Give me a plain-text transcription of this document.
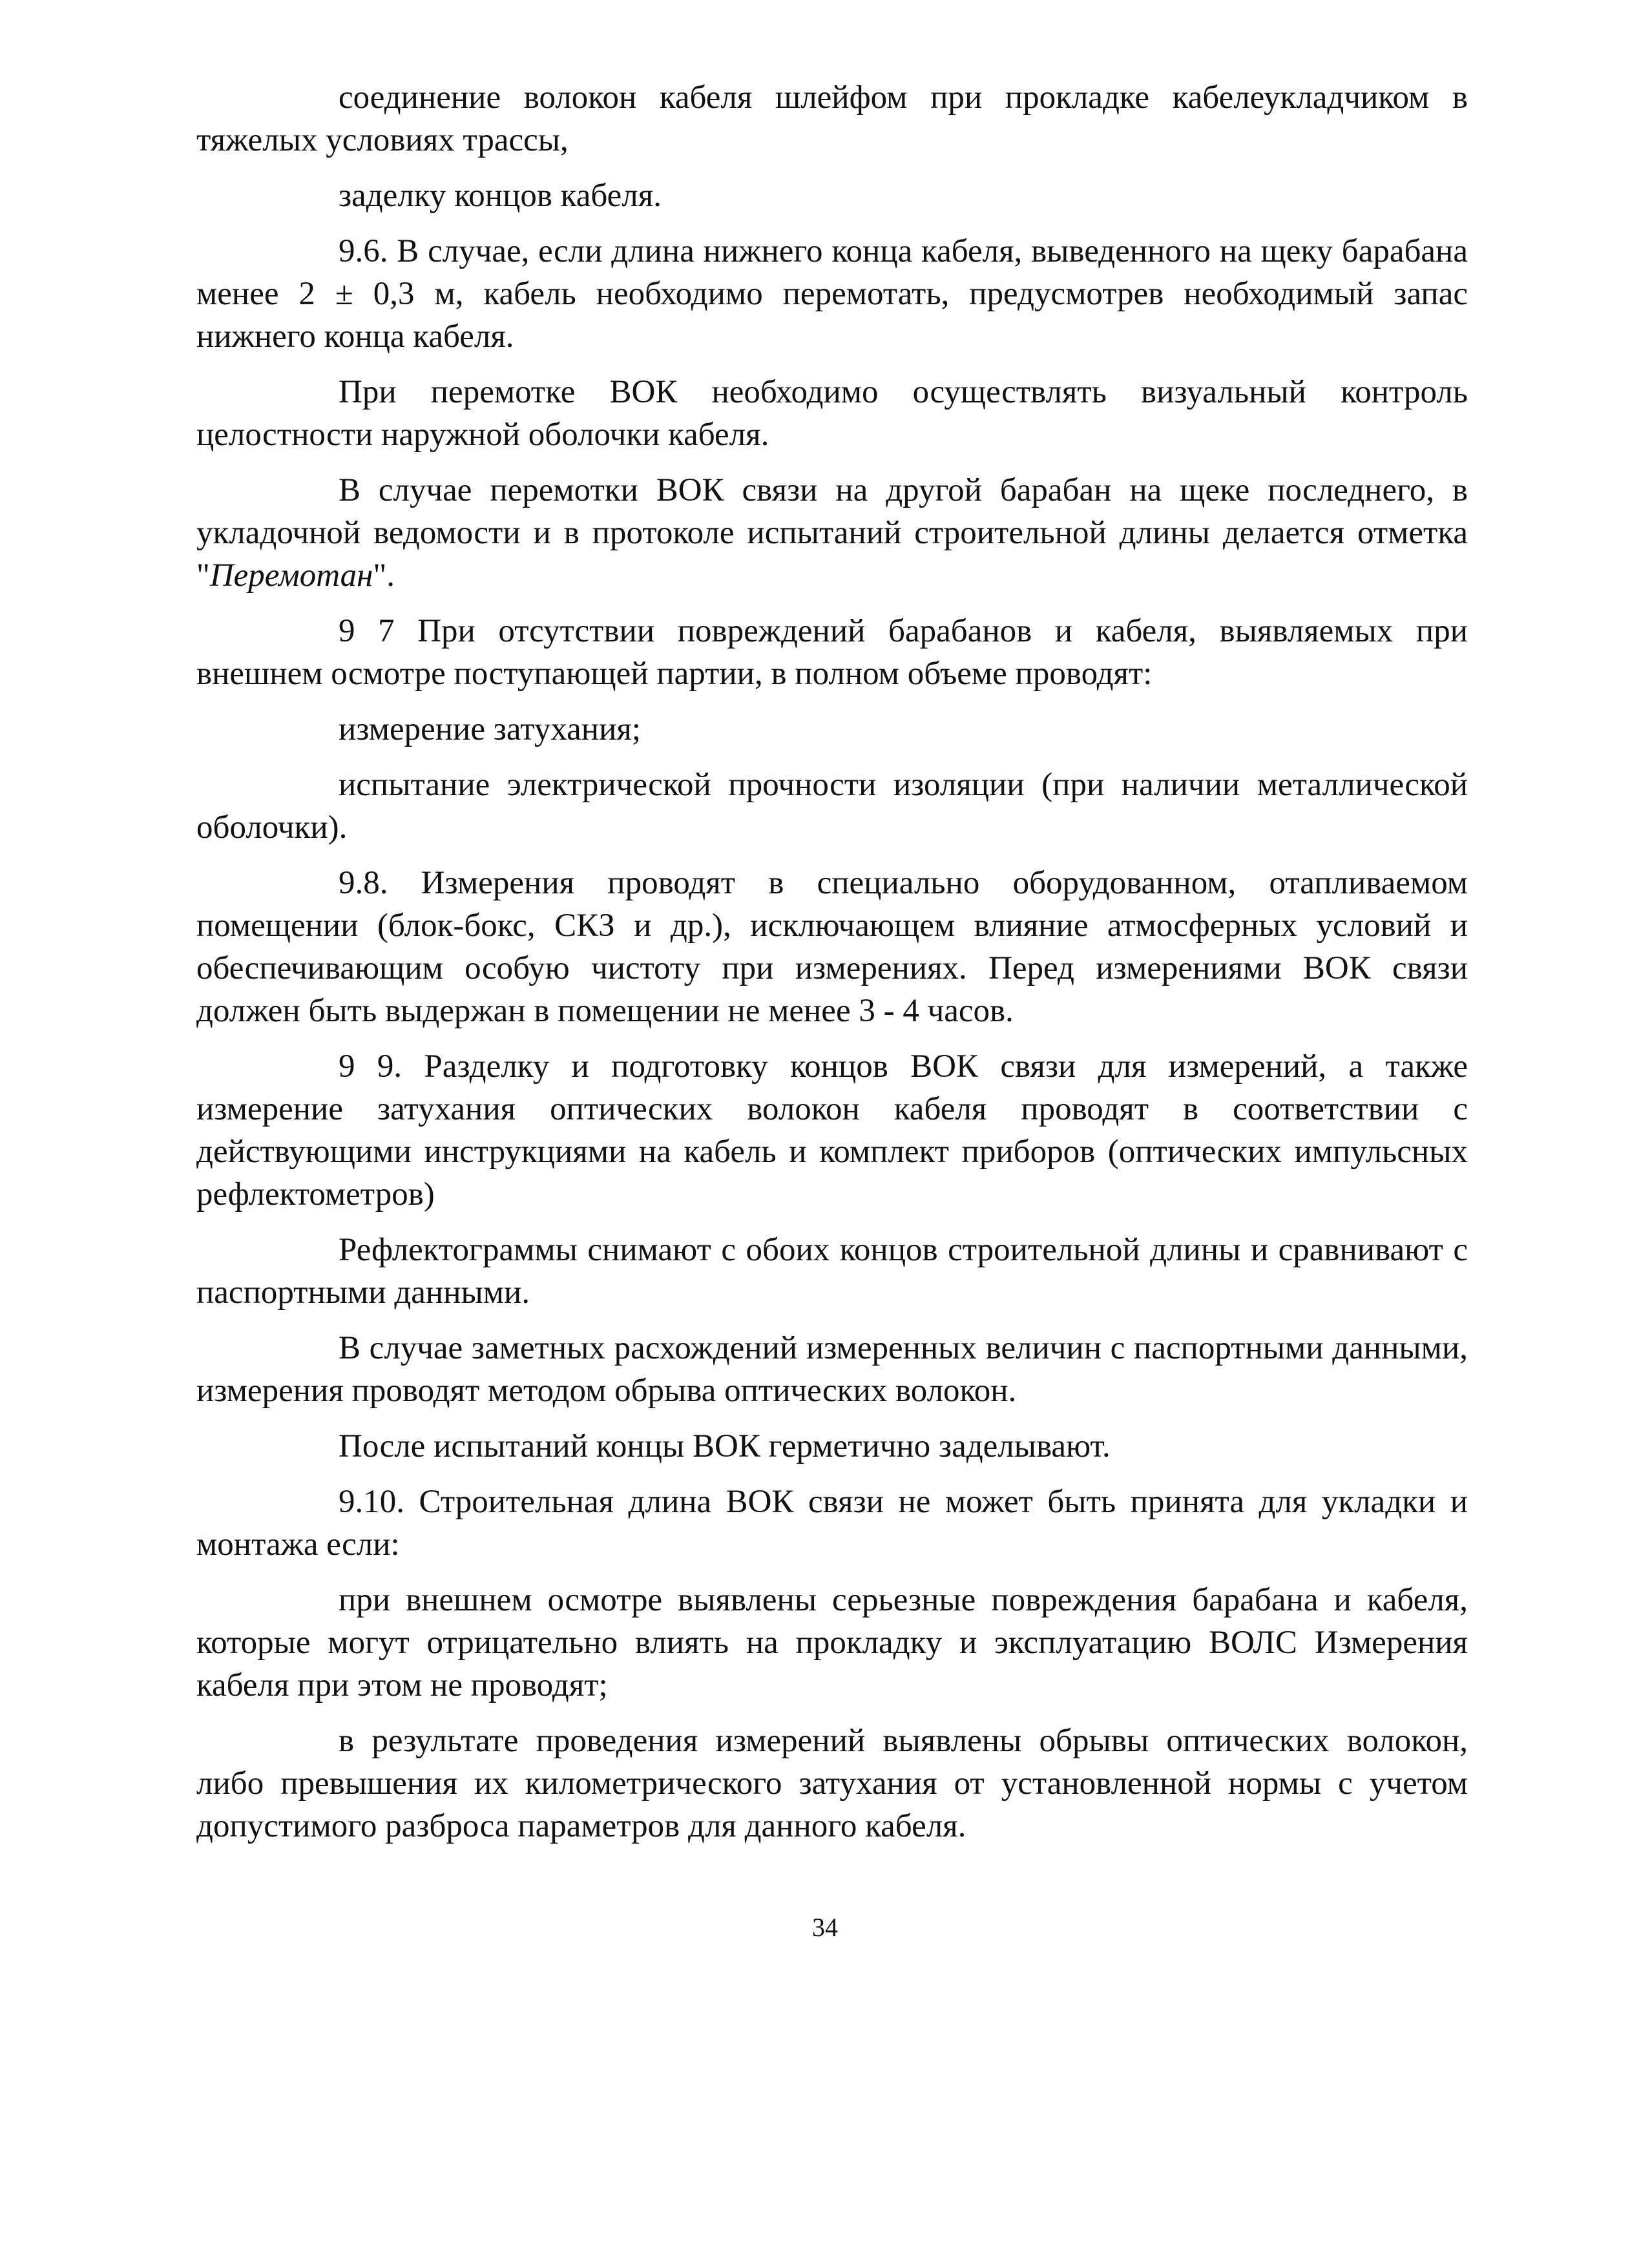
соединение волокон кабеля шлейфом при прокладке кабелеукладчиком в тяжелых условиях трассы,

заделку концов кабеля.

9.6. В случае, если длина нижнего конца кабеля, выведенного на щеку барабана менее 2 ± 0,3 м, кабель необходимо перемотать, предусмотрев необходимый запас нижнего конца кабеля.

При перемотке ВОК необходимо осуществлять визуальный контроль целостности наружной оболочки кабеля.

В случае перемотки ВОК связи на другой барабан на щеке последнего, в укладочной ведомости и в протоколе испытаний строительной длины делается отметка "Перемотан".

9 7 При отсутствии повреждений барабанов и кабеля, выявляемых при внешнем осмотре поступающей партии, в полном объеме проводят:

измерение затухания;

испытание электрической прочности изоляции (при наличии металлической оболочки).

9.8. Измерения проводят в специально оборудованном, отапливаемом помещении (блок-бокс, СКЗ и др.), исключающем влияние атмосферных условий и обеспечивающим особую чистоту при измерениях. Перед измерениями ВОК связи должен быть выдержан в помещении не менее 3 - 4 часов.

9 9. Разделку и подготовку концов ВОК связи для измерений, а также измерение затухания оптических волокон кабеля проводят в соответствии с действующими инструкциями на кабель и комплект приборов (оптических импульсных рефлектометров)

Рефлектограммы снимают с обоих концов строительной длины и сравнивают с паспортными данными.

В случае заметных расхождений измеренных величин с паспортными данными, измерения проводят методом обрыва оптических волокон.

После испытаний концы ВОК герметично заделывают.

9.10. Строительная длина ВОК связи не может быть принята для укладки и монтажа если:

при внешнем осмотре выявлены серьезные повреждения барабана и кабеля, которые могут отрицательно влиять на прокладку и эксплуатацию ВОЛС Измерения кабеля при этом не проводят;

в результате проведения измерений выявлены обрывы оптических волокон, либо превышения их километрического затухания от установленной нормы с учетом допустимого разброса параметров для данного кабеля.

34
